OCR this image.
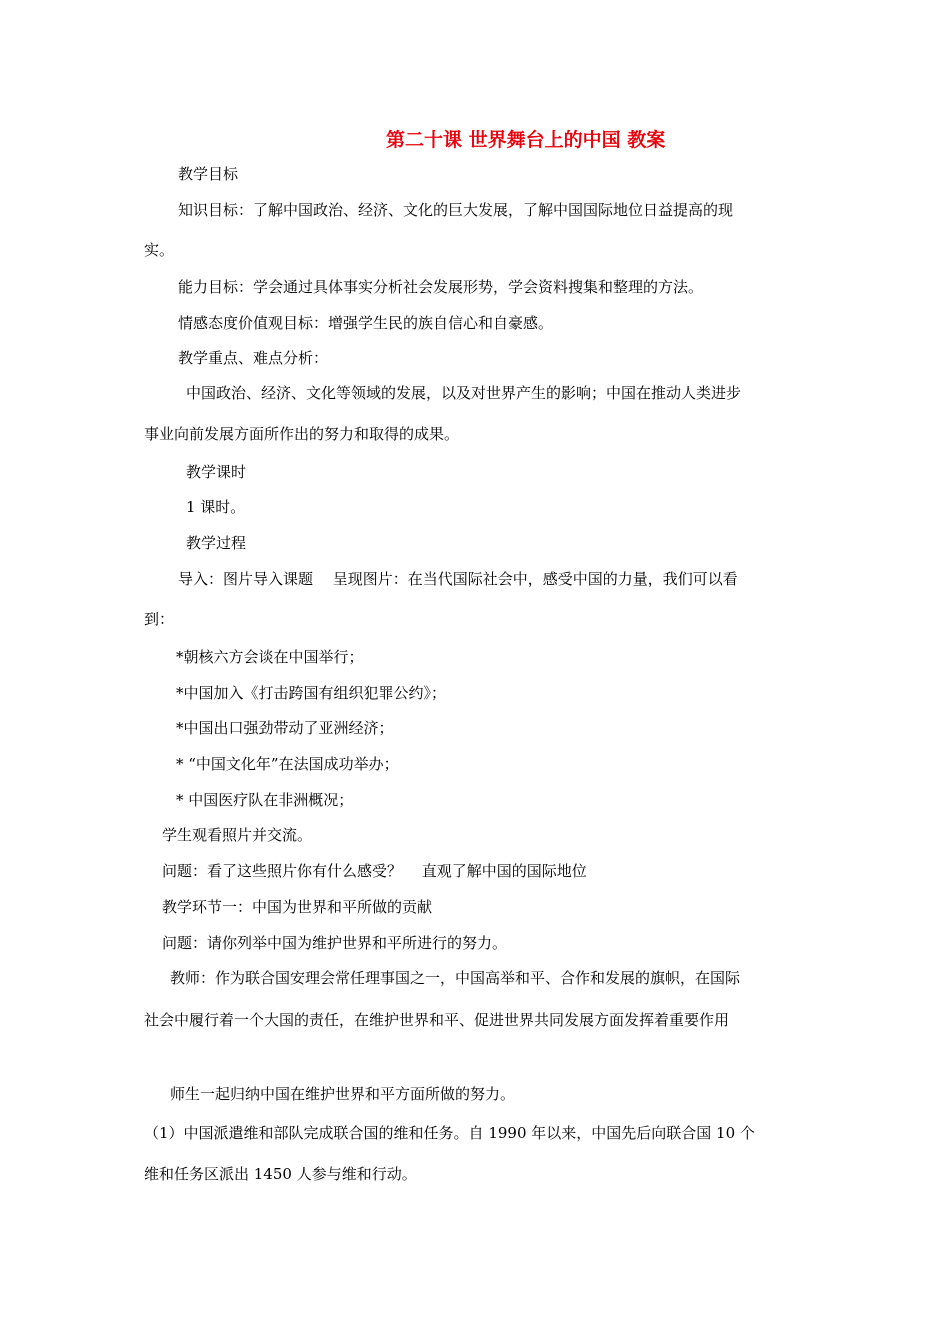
第二十课 世界舞台上的中国 教案
教学目标
知识目标：了解中国政治、经济、文化的巨大发展，了解中国国际地位日益提高的现
实。
能力目标：学会通过具体事实分析社会发展形势，学会资料搜集和整理的方法。
情感态度价值观目标：增强学生民的族自信心和自豪感。
教学重点、难点分析：
中国政治、经济、文化等领域的发展，以及对世界产生的影响；中国在推动人类进步
事业向前发展方面所作出的努力和取得的成果。
教学课时
1 课时。
教学过程
导入：图片导入课题　 呈现图片：在当代国际社会中，感受中国的力量，我们可以看
到：
*朝核六方会谈在中国举行；
*中国加入《打击跨国有组织犯罪公约》；
*中国出口强劲带动了亚洲经济；
* “中国文化年”在法国成功举办；
* 中国医疗队在非洲概况；
学生观看照片并交流。
问题：看了这些照片你有什么感受？　 直观了解中国的国际地位
教学环节一：中国为世界和平所做的贡献
问题：请你列举中国为维护世界和平所进行的努力。
教师：作为联合国安理会常任理事国之一，中国高举和平、合作和发展的旗帜，在国际
社会中履行着一个大国的责任，在维护世界和平、促进世界共同发展方面发挥着重要作用
师生一起归纳中国在维护世界和平方面所做的努力。
（1）中国派遣维和部队完成联合国的维和任务。自 1990 年以来，中国先后向联合国 10 个
维和任务区派出 1450 人参与维和行动。
